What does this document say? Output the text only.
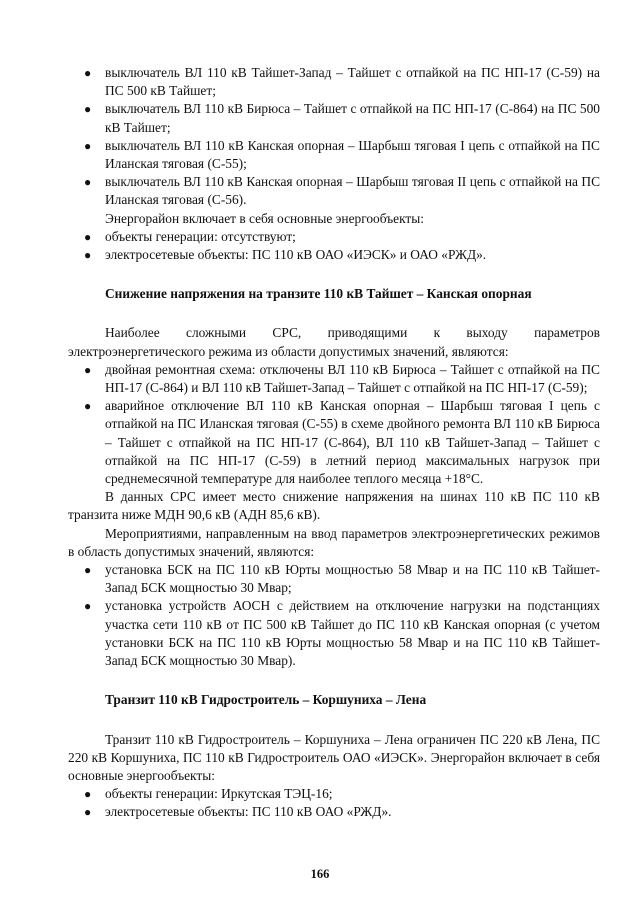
● выключатель ВЛ 110 кВ Тайшет-Запад – Тайшет с отпайкой на ПС НП-17 (С-59) на ПС 500 кВ Тайшет;
● выключатель ВЛ 110 кВ Бирюса – Тайшет с отпайкой на ПС НП-17 (С-864) на ПС 500 кВ Тайшет;
● выключатель ВЛ 110 кВ Канская опорная – Шарбыш тяговая I цепь с отпайкой на ПС Иланская тяговая (С-55);
● выключатель ВЛ 110 кВ Канская опорная – Шарбыш тяговая II цепь с отпайкой на ПС Иланская тяговая (С-56).

Энергорайон включает в себя основные энергообъекты:

● объекты генерации: отсутствуют;
● электросетевые объекты: ПС 110 кВ ОАО «ИЭСК» и ОАО «РЖД».
Снижение напряжения на транзите 110 кВ Тайшет – Канская опорная

Наиболее сложными СРС, приводящими к выходу параметров электроэнергетического режима из области допустимых значений, являются:

● двойная ремонтная схема: отключены ВЛ 110 кВ Бирюса – Тайшет с отпайкой на ПС НП-17 (С-864) и ВЛ 110 кВ Тайшет-Запад – Тайшет с отпайкой на ПС НП-17 (С-59);
● аварийное отключение ВЛ 110 кВ Канская опорная – Шарбыш тяговая I цепь с отпайкой на ПС Иланская тяговая (С-55) в схеме двойного ремонта ВЛ 110 кВ Бирюса – Тайшет с отпайкой на ПС НП-17 (С-864), ВЛ 110 кВ Тайшет-Запад – Тайшет с отпайкой на ПС НП-17 (С-59) в летний период максимальных нагрузок при среднемесячной температуре для наиболее теплого месяца +18°С.

В данных СРС имеет место снижение напряжения на шинах 110 кВ ПС 110 кВ транзита ниже МДН 90,6 кВ (АДН 85,6 кВ).

Мероприятиями, направленным на ввод параметров электроэнергетических режимов в область допустимых значений, являются:

● установка БСК на ПС 110 кВ Юрты мощностью 58 Мвар и на ПС 110 кВ Тайшет-Запад БСК мощностью 30 Мвар;
● установка устройств АОСН с действием на отключение нагрузки на подстанциях участка сети 110 кВ от ПС 500 кВ Тайшет до ПС 110 кВ Канская опорная (с учетом установки БСК на ПС 110 кВ Юрты мощностью 58 Мвар и на ПС 110 кВ Тайшет-Запад БСК мощностью 30 Мвар).
Транзит 110 кВ Гидростроитель – Коршуниха – Лена

Транзит 110 кВ Гидростроитель – Коршуниха – Лена ограничен ПС 220 кВ Лена, ПС 220 кВ Коршуниха, ПС 110 кВ Гидростроитель ОАО «ИЭСК». Энергорайон включает в себя основные энергообъекты:

● объекты генерации: Иркутская ТЭЦ-16;
● электросетевые объекты: ПС 110 кВ ОАО «РЖД».
166
